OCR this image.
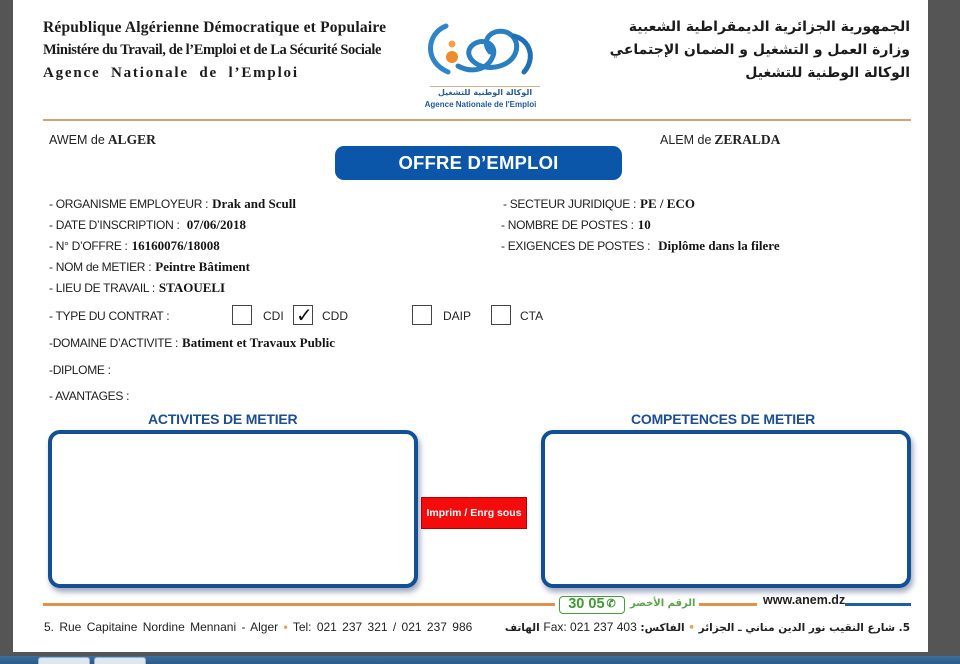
République Algérienne Démocratique et Populaire
Ministére du Travail, de l’Emploi et de La Sécurité Sociale
Agence Nationale de l’Emploi
الوكالة الوطنية للتشغيل
Agence Nationale de l'Emploi
الجمهورية الجزائرية الديمقراطية الشعبية
وزارة العمل و التشغيل و الضمان الإجتماعي
الوكالة الوطنية للتشغيل
AWEM de ALGER	ALEM de ZERALDA
OFFRE D’EMPLOI
- ORGANISME EMPLOYEUR : Drak and Scull
- DATE D’INSCRIPTION : 07/06/2018
- N° D’OFFRE : 16160076/18008
- NOM de METIER : Peintre Bâtiment
- LIEU DE TRAVAIL : STAOUELI
- SECTEUR JURIDIQUE : PE / ECO
- NOMBRE DE POSTES : 10
- EXIGENCES DE POSTES : Diplôme dans la filere
- TYPE DU CONTRAT :	CDI ✓	CDD	DAIP	CTA
-DOMAINE D’ACTIVITE : Batiment et Travaux Public
-DIPLOME :
- AVANTAGES :
ACTIVITES DE METIER	COMPETENCES DE METIER
Imprim / Enrg sous
30 05 ✆	الرقم الأخضر	www.anem.dz
5. Rue Capitaine Nordine Mennani - Alger • Tel: 021 237 321 / 021 237 986	5. شارع النقيب نور الدين مناني ـ الجزائر • الفاكس: Fax: 021 237 403 الهاتف
